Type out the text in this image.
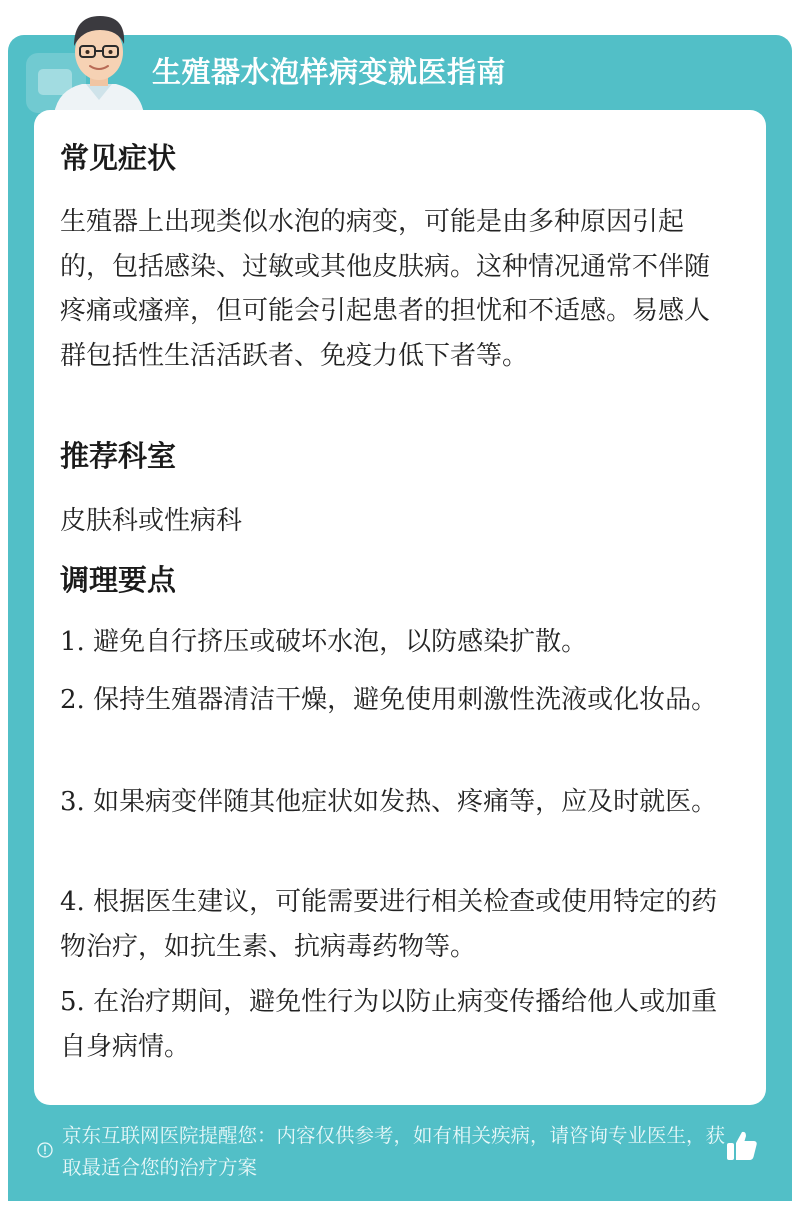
生殖器水泡样病变就医指南
常见症状
生殖器上出现类似水泡的病变，可能是由多种原因引起的，包括感染、过敏或其他皮肤病。这种情况通常不伴随疼痛或瘙痒，但可能会引起患者的担忧和不适感。易感人群包括性生活活跃者、免疫力低下者等。
推荐科室
皮肤科或性病科
调理要点
1. 避免自行挤压或破坏水泡，以防感染扩散。
2. 保持生殖器清洁干燥，避免使用刺激性洗液或化妆品。
3. 如果病变伴随其他症状如发热、疼痛等，应及时就医。
4. 根据医生建议，可能需要进行相关检查或使用特定的药物治疗，如抗生素、抗病毒药物等。
5. 在治疗期间，避免性行为以防止病变传播给他人或加重自身病情。
京东互联网医院提醒您：内容仅供参考，如有相关疾病，请咨询专业医生，获取最适合您的治疗方案
